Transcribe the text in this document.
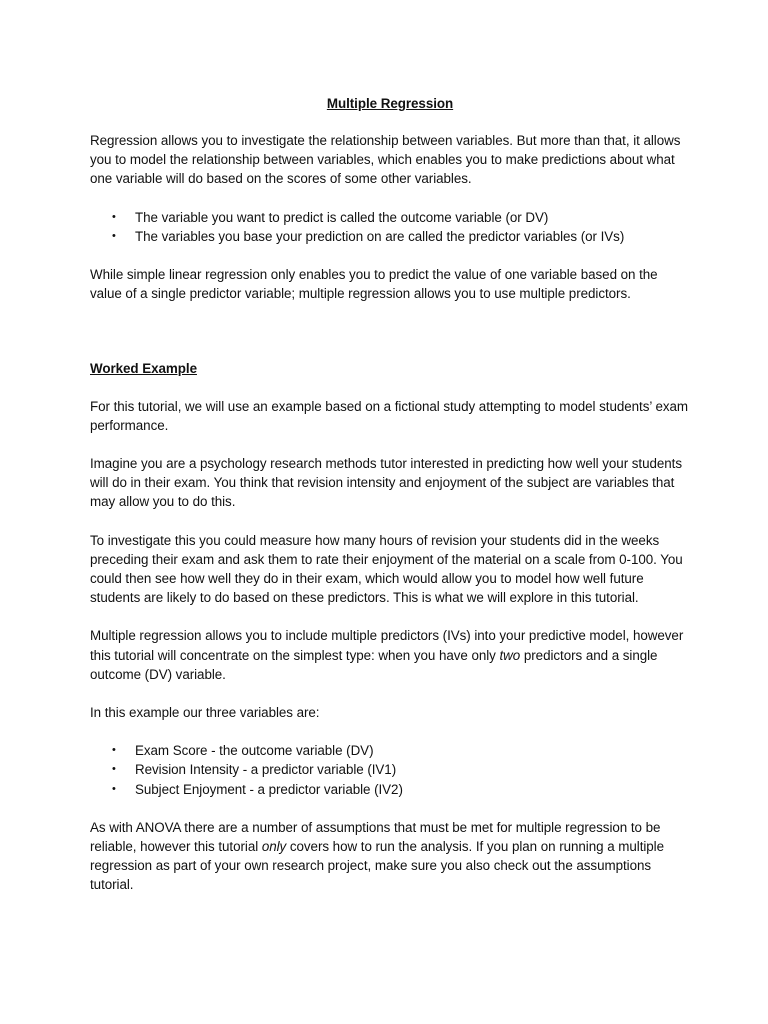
Multiple Regression

Regression allows you to investigate the relationship between variables. But more than that, it allows you to model the relationship between variables, which enables you to make predictions about what one variable will do based on the scores of some other variables.

• The variable you want to predict is called the outcome variable (or DV)
• The variables you base your prediction on are called the predictor variables (or IVs)

While simple linear regression only enables you to predict the value of one variable based on the value of a single predictor variable; multiple regression allows you to use multiple predictors.

Worked Example

For this tutorial, we will use an example based on a fictional study attempting to model students’ exam performance.

Imagine you are a psychology research methods tutor interested in predicting how well your students will do in their exam. You think that revision intensity and enjoyment of the subject are variables that may allow you to do this.

To investigate this you could measure how many hours of revision your students did in the weeks preceding their exam and ask them to rate their enjoyment of the material on a scale from 0-100. You could then see how well they do in their exam, which would allow you to model how well future students are likely to do based on these predictors. This is what we will explore in this tutorial.

Multiple regression allows you to include multiple predictors (IVs) into your predictive model, however this tutorial will concentrate on the simplest type: when you have only two predictors and a single outcome (DV) variable.

In this example our three variables are:

• Exam Score - the outcome variable (DV)
• Revision Intensity - a predictor variable (IV1)
• Subject Enjoyment - a predictor variable (IV2)

As with ANOVA there are a number of assumptions that must be met for multiple regression to be reliable, however this tutorial only covers how to run the analysis. If you plan on running a multiple regression as part of your own research project, make sure you also check out the assumptions tutorial.
